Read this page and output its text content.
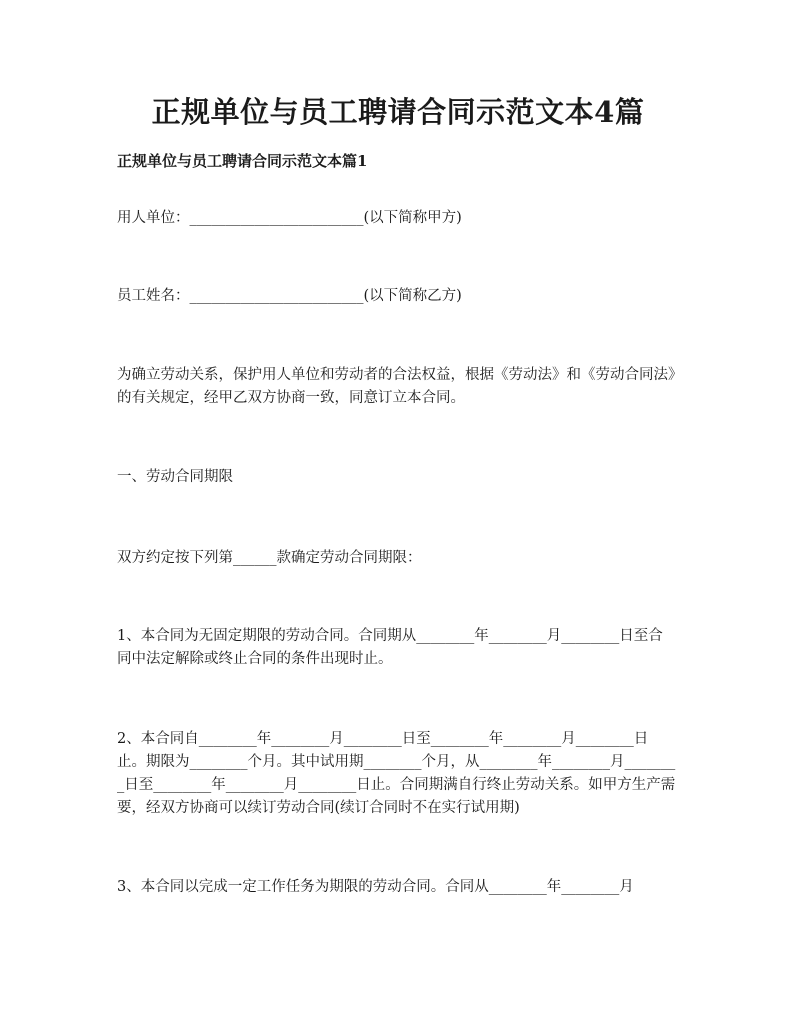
正规单位与员工聘请合同示范文本4篇
正规单位与员工聘请合同示范文本篇1

用人单位：________________________(以下简称甲方)

员工姓名：________________________(以下简称乙方)

为确立劳动关系，保护用人单位和劳动者的合法权益，根据《劳动法》和《劳动合同法》的有关规定，经甲乙双方协商一致，同意订立本合同。

一、劳动合同期限

双方约定按下列第______款确定劳动合同期限：

1、本合同为无固定期限的劳动合同。合同期从________年________月________日至合同中法定解除或终止合同的条件出现时止。

2、本合同自________年________月________日至________年________月________日止。期限为________个月。其中试用期________个月，从________年________月________日至________年________月________日止。合同期满自行终止劳动关系。如甲方生产需要，经双方协商可以续订劳动合同(续订合同时不在实行试用期)

3、本合同以完成一定工作任务为期限的劳动合同。合同从________年________月
